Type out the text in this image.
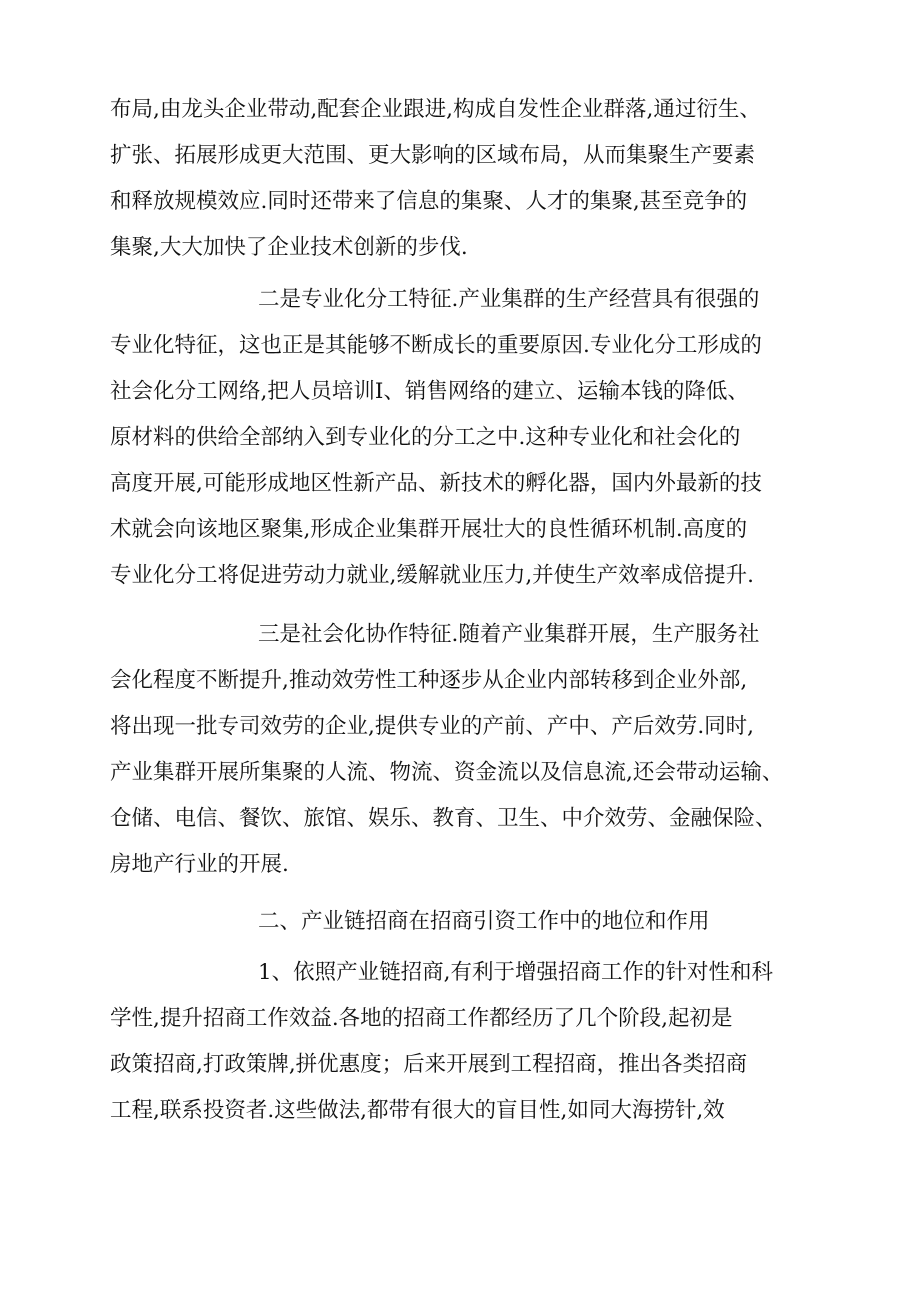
布局,由龙头企业带动,配套企业跟进,构成自发性企业群落,通过衍生、
扩张、拓展形成更大范围、更大影响的区域布局，从而集聚生产要素
和释放规模效应.同时还带来了信息的集聚、人才的集聚,甚至竞争的
集聚,大大加快了企业技术创新的步伐.
二是专业化分工特征.产业集群的生产经营具有很强的
专业化特征，这也正是其能够不断成长的重要原因.专业化分工形成的
社会化分工网络,把人员培训I、销售网络的建立、运输本钱的降低、
原材料的供给全部纳入到专业化的分工之中.这种专业化和社会化的
高度开展,可能形成地区性新产品、新技术的孵化器，国内外最新的技
术就会向该地区聚集,形成企业集群开展壮大的良性循环机制.高度的
专业化分工将促进劳动力就业,缓解就业压力,并使生产效率成倍提升.
三是社会化协作特征.随着产业集群开展，生产服务社
会化程度不断提升,推动效劳性工种逐步从企业内部转移到企业外部,
将出现一批专司效劳的企业,提供专业的产前、产中、产后效劳.同时,
产业集群开展所集聚的人流、物流、资金流以及信息流,还会带动运输、
仓储、电信、餐饮、旅馆、娱乐、教育、卫生、中介效劳、金融保险、
房地产行业的开展.
二、产业链招商在招商引资工作中的地位和作用
1、依照产业链招商,有利于增强招商工作的针对性和科
学性,提升招商工作效益.各地的招商工作都经历了几个阶段,起初是
政策招商,打政策牌,拼优惠度；后来开展到工程招商，推出各类招商
工程,联系投资者.这些做法,都带有很大的盲目性,如同大海捞针,效
